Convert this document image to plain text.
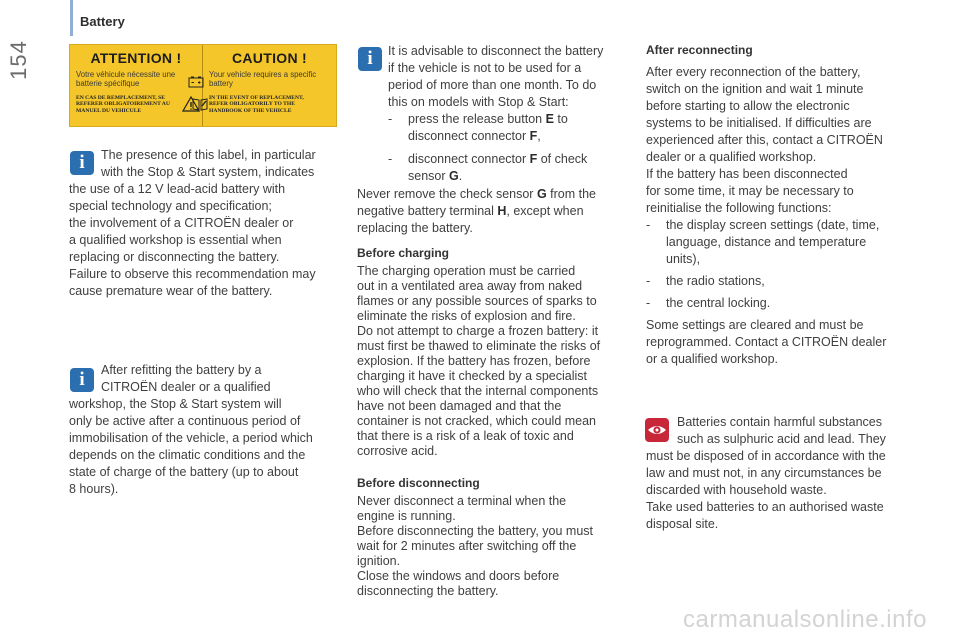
154
Battery
ATTENTION !
Votre véhicule nécessite une batterie spécifique
EN CAS DE REMPLACEMENT, SE REFERER OBLIGATOIREMENT AU MANUEL DU VEHICULE
CAUTION !
Your vehicle requires a specific battery
IN THE EVENT OF REPLACEMENT, REFER OBLIGATORILY TO THE HANDBOOK OF THE VEHICLE
i	The presence of this label, in particular

with the Stop & Start system, indicates

the use of a 12 V lead-acid battery with

special technology and specification;

the involvement of a CITROËN dealer or

a qualified workshop is essential when

replacing or disconnecting the battery.

Failure to observe this recommendation may

cause premature wear of the battery.

i	After refitting the battery by a

CITROËN dealer or a qualified

workshop, the Stop & Start system will

only be active after a continuous period of

immobilisation of the vehicle, a period which

depends on the climatic conditions and the

state of charge of the battery (up to about

8 hours).

i	It is advisable to disconnect the battery

if the vehicle is not to be used for a

period of more than one month. To do

this on models with Stop & Start:

- press the release button E to
disconnect connector F,
- disconnect connector F of check
sensor G.

Never remove the check sensor G from the

negative battery terminal H, except when

replacing the battery.

Before charging

The charging operation must be carried

out in a ventilated area away from naked

flames or any possible sources of sparks to

eliminate the risks of explosion and fire.

Do not attempt to charge a frozen battery: it

must first be thawed to eliminate the risks of

explosion. If the battery has frozen, before

charging it have it checked by a specialist

who will check that the internal components

have not been damaged and that the

container is not cracked, which could mean

that there is a risk of a leak of toxic and

corrosive acid.

Before disconnecting

Never disconnect a terminal when the

engine is running.

Before disconnecting the battery, you must

wait for 2 minutes after switching off the

ignition.

Close the windows and doors before

disconnecting the battery.

After reconnecting

After every reconnection of the battery,

switch on the ignition and wait 1 minute

before starting to allow the electronic

systems to be initialised. If difficulties are

experienced after this, contact a CITROËN

dealer or a qualified workshop.

If the battery has been disconnected

for some time, it may be necessary to

reinitialise the following functions:

- the display screen settings (date, time,

language, distance and temperature

units),

- the radio stations,

- the central locking.

Some settings are cleared and must be

reprogrammed. Contact a CITROËN dealer

or a qualified workshop.

Batteries contain harmful substances

such as sulphuric acid and lead. They

must be disposed of in accordance with the

law and must not, in any circumstances be

discarded with household waste.

Take used batteries to an authorised waste

disposal site.

carmanualsonline.info
